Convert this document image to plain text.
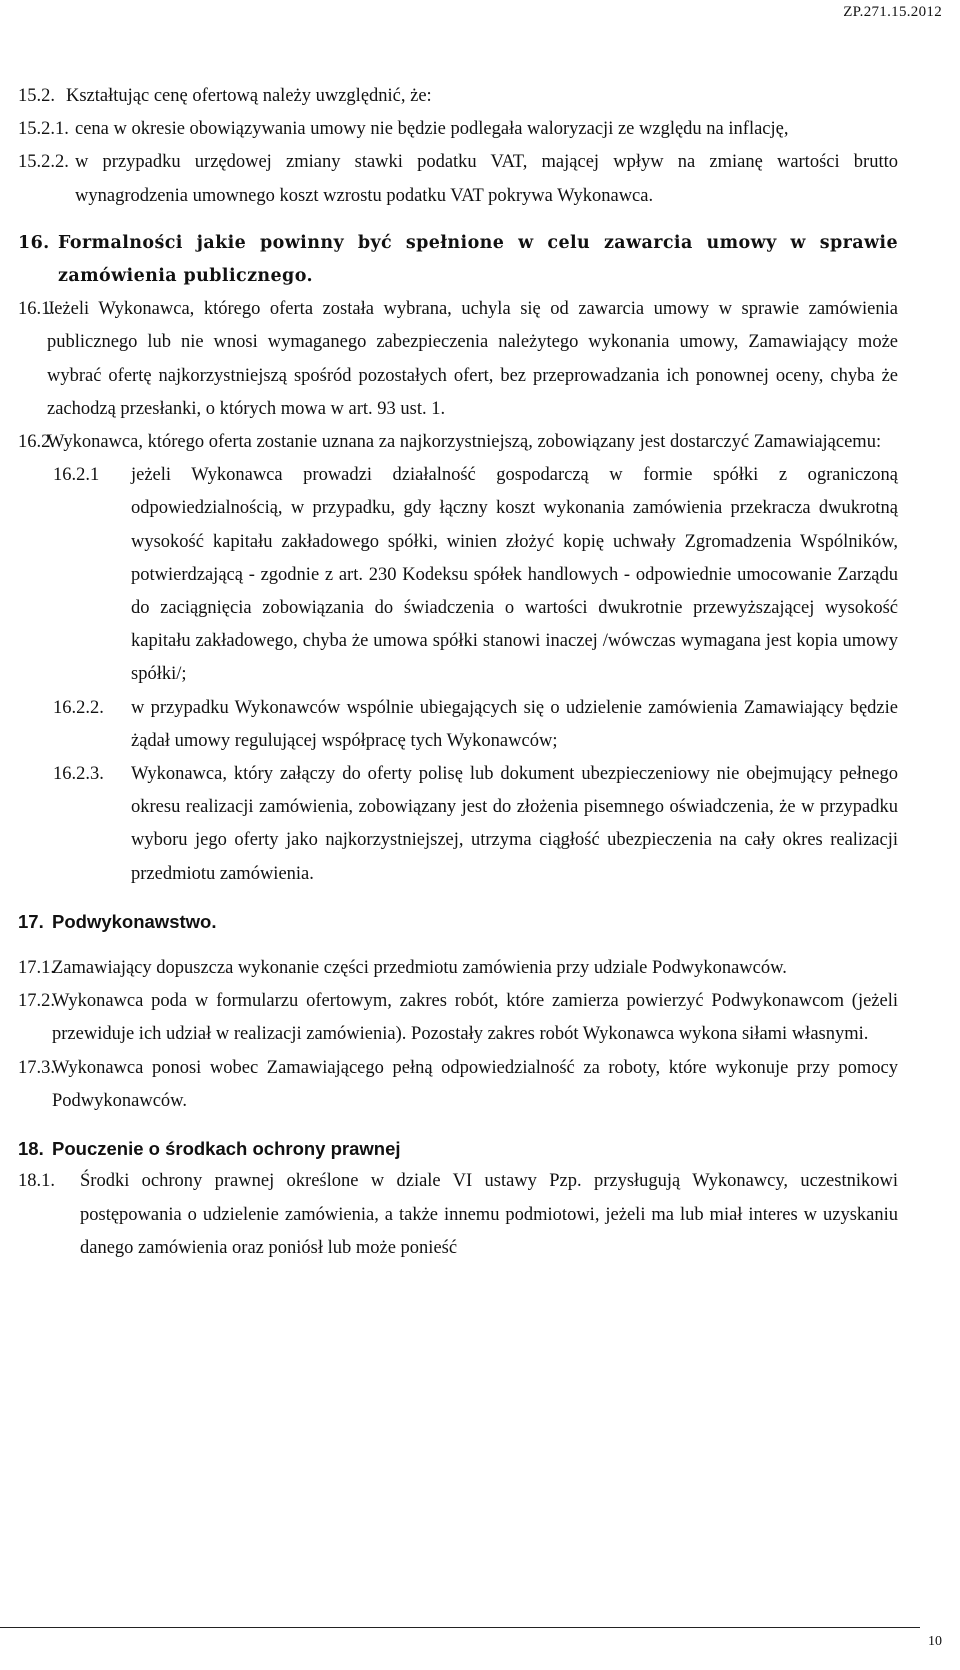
ZP.271.15.2012
15.2. Kształtując cenę ofertową należy uwzględnić, że:
15.2.1. cena w okresie obowiązywania umowy nie będzie podlegała waloryzacji ze względu na inflację,
15.2.2. w przypadku urzędowej zmiany stawki podatku VAT, mającej wpływ na zmianę wartości brutto wynagrodzenia umownego koszt wzrostu podatku VAT pokrywa Wykonawca.
16. Formalności jakie powinny być spełnione w celu zawarcia umowy w sprawie zamówienia publicznego.
16.1.
Jeżeli Wykonawca, którego oferta została wybrana, uchyla się od zawarcia umowy w sprawie zamówienia publicznego lub nie wnosi wymaganego zabezpieczenia należytego wykonania umowy, Zamawiający może wybrać ofertę najkorzystniejszą spośród pozostałych ofert, bez przeprowadzania ich ponownej oceny, chyba że zachodzą przesłanki, o których mowa w art. 93 ust. 1.
16.2.
Wykonawca, którego oferta zostanie uznana za najkorzystniejszą, zobowiązany jest dostarczyć Zamawiającemu:
16.2.1	jeżeli Wykonawca prowadzi działalność gospodarczą w formie spółki z ograniczoną odpowiedzialnością, w przypadku, gdy łączny koszt wykonania zamówienia przekracza dwukrotną wysokość kapitału zakładowego spółki, winien złożyć kopię uchwały Zgromadzenia Wspólników, potwierdzającą - zgodnie z art. 230 Kodeksu spółek handlowych - odpowiednie umocowanie Zarządu do zaciągnięcia zobowiązania do świadczenia o wartości dwukrotnie przewyższającej wysokość kapitału zakładowego, chyba że umowa spółki stanowi inaczej /wówczas wymagana jest kopia umowy spółki/;
16.2.2.	w przypadku Wykonawców wspólnie ubiegających się o udzielenie zamówienia Zamawiający będzie żądał umowy regulującej współpracę tych Wykonawców;
16.2.3.	Wykonawca, który załączy do oferty polisę lub dokument ubezpieczeniowy nie obejmujący pełnego okresu realizacji zamówienia, zobowiązany jest do złożenia pisemnego oświadczenia, że w przypadku wyboru jego oferty jako najkorzystniejszej, utrzyma ciągłość ubezpieczenia na cały okres realizacji przedmiotu zamówienia.
17. Podwykonawstwo.
17.1.
Zamawiający dopuszcza wykonanie części przedmiotu zamówienia przy udziale Podwykonawców.
17.2.
Wykonawca poda w formularzu ofertowym, zakres robót, które zamierza powierzyć Podwykonawcom (jeżeli przewiduje ich udział w realizacji zamówienia). Pozostały zakres robót Wykonawca wykona siłami własnymi.
17.3.
Wykonawca ponosi wobec Zamawiającego pełną odpowiedzialność za roboty, które wykonuje przy pomocy Podwykonawców.
18. Pouczenie o środkach ochrony prawnej
18.1.	Środki ochrony prawnej określone w dziale VI ustawy Pzp. przysługują Wykonawcy, uczestnikowi postępowania o udzielenie zamówienia, a także innemu podmiotowi, jeżeli ma lub miał interes w uzyskaniu danego zamówienia oraz poniósł lub może ponieść
10
